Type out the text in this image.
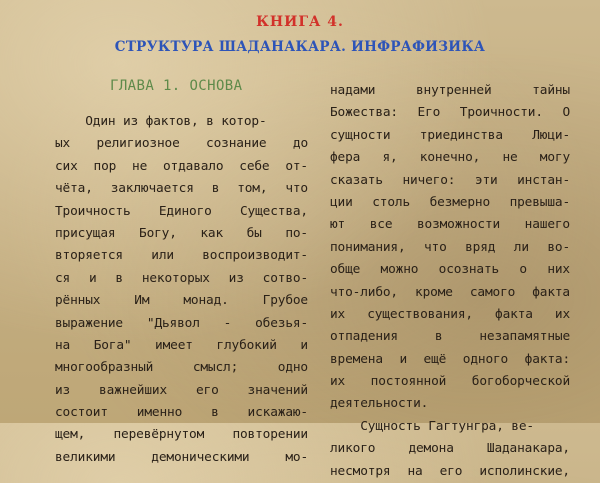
КНИГА 4.
СТРУКТУРА ШАДАНАКАРА. ИНФРАФИЗИКА
ГЛАВА 1. ОСНОВА
Один из фактов, в котор-
ых религиозное сознание до
сих пор не отдавало себе от-
чёта, заключается в том, что
Троичность Единого Существа,
присущая Богу, как бы по-
вторяется или воспроизводит-
ся и в некоторых из сотво-
рённых Им монад. Грубое
выражение "Дьявол - обезья-
на Бога" имеет глубокий и
многообразный смысл; одно
из важнейших его значений
состоит именно в искажаю-
щем, перевёрнутом повторении
великими демоническими мо-
надами внутренней тайны
Божества: Его Троичности. О
сущности триединства Люци-
фера я, конечно, не могу
сказать ничего: эти инстан-
ции столь безмерно превыша-
ют все возможности нашего
понимания, что вряд ли во-
обще можно осознать о них
что-либо, кроме самого факта
их существования, факта их
отпадения в незапамятные
времена и ещё одного факта:
их постоянной богоборческой
деятельности.
Сущность Гагтунгра, ве-
ликого демона Шаданакара,
несмотря на его исполинские,
